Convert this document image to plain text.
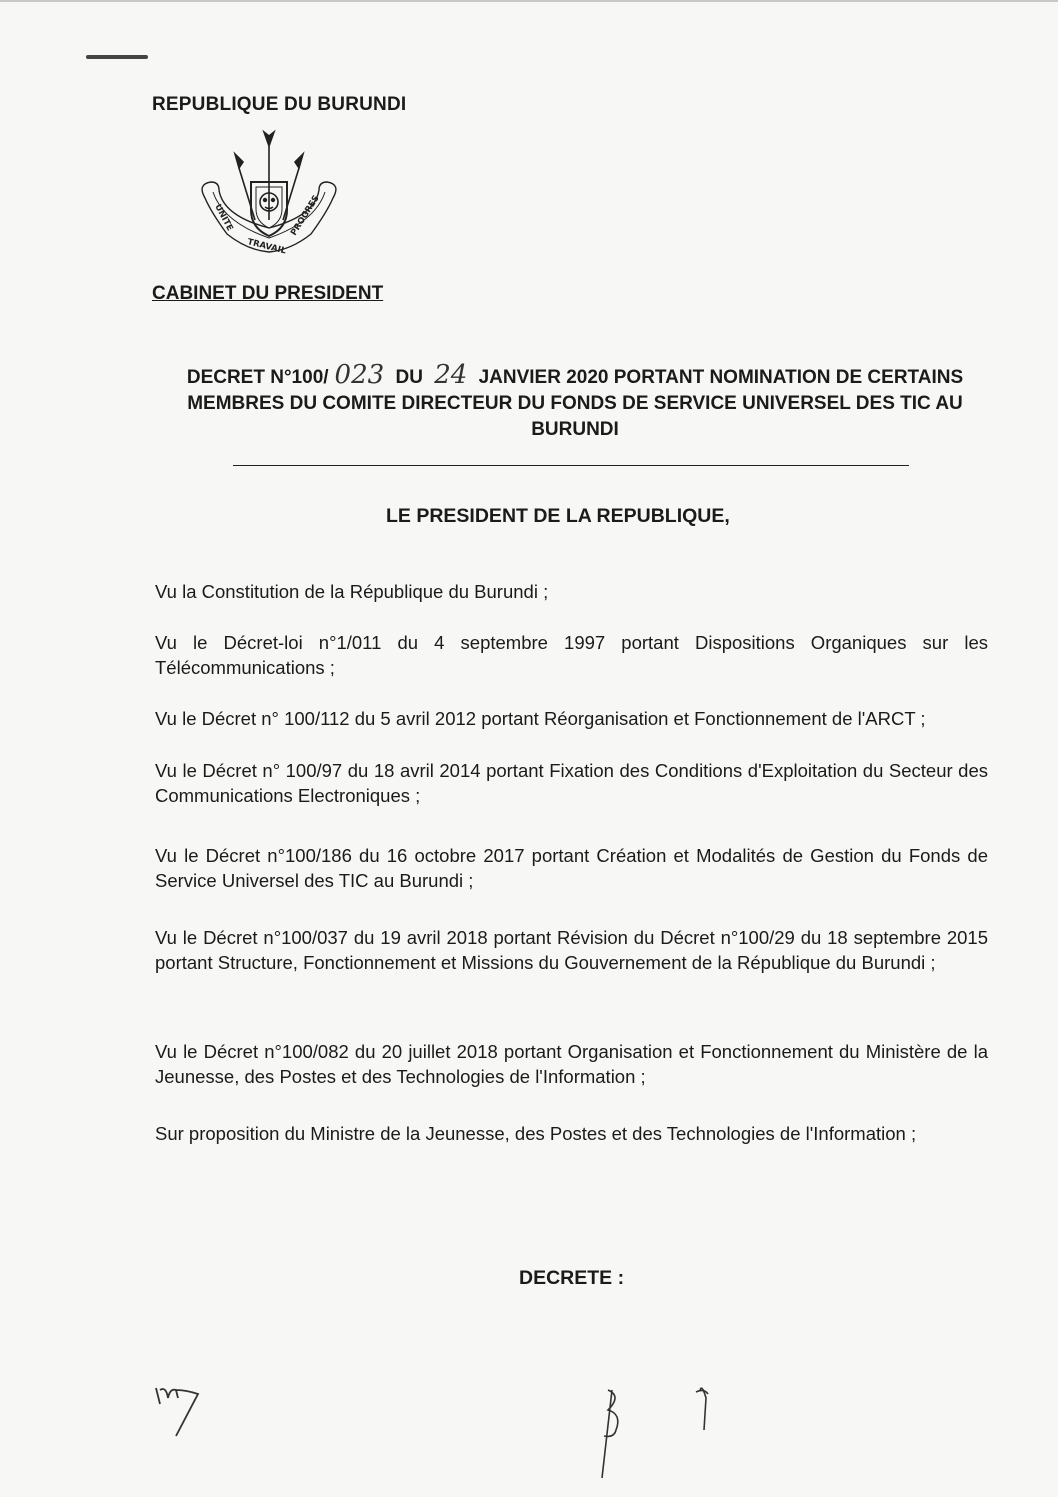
REPUBLIQUE DU BURUNDI
UNITE
TRAVAIL
PROGRES
CABINET DU PRESIDENT
DECRET N°100/ 023 DU 24 JANVIER 2020 PORTANT NOMINATION DE CERTAINS MEMBRES DU COMITE DIRECTEUR DU FONDS DE SERVICE UNIVERSEL DES TIC AU BURUNDI
LE PRESIDENT DE LA REPUBLIQUE,
Vu la Constitution de la République du Burundi ;
Vu le Décret-loi n°1/011 du 4 septembre 1997 portant Dispositions Organiques sur les Télécommunications ;
Vu le Décret n° 100/112 du 5 avril 2012 portant Réorganisation et Fonctionnement de l'ARCT ;
Vu le Décret n° 100/97 du 18 avril 2014 portant Fixation des Conditions d'Exploitation du Secteur des Communications Electroniques ;
Vu le Décret n°100/186 du 16 octobre 2017 portant Création et Modalités de Gestion du Fonds de Service Universel des TIC au Burundi ;
Vu le Décret n°100/037 du 19 avril 2018 portant Révision du Décret n°100/29 du 18 septembre 2015 portant Structure, Fonctionnement et Missions du Gouvernement de la République du Burundi ;
Vu le Décret n°100/082 du 20 juillet 2018 portant Organisation et Fonctionnement du Ministère de la Jeunesse, des Postes et des Technologies de l'Information ;
Sur proposition du Ministre de la Jeunesse, des Postes et des Technologies de l'Information ;
DECRETE :
